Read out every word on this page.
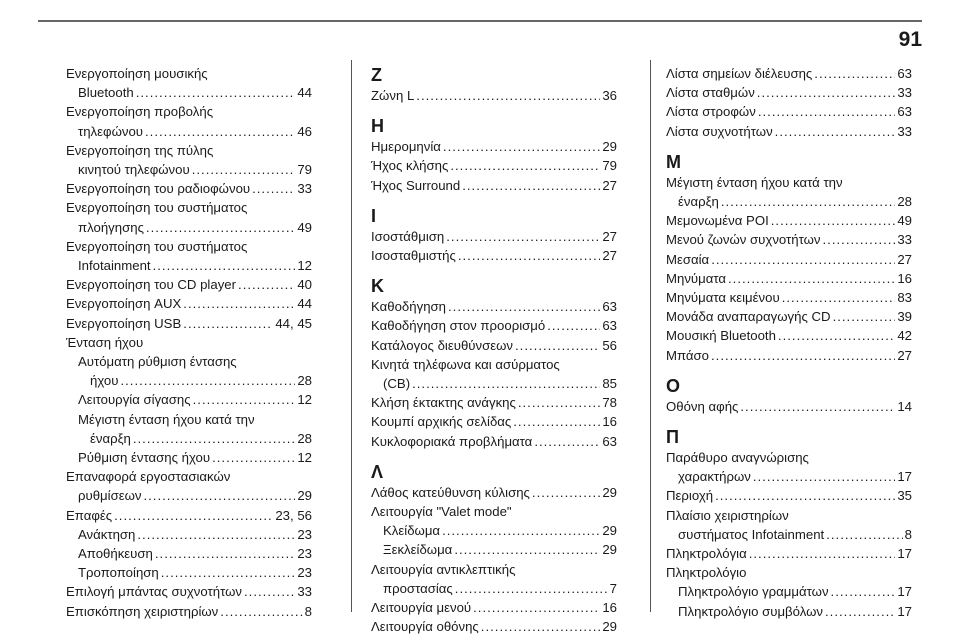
91
Ενεργοποίηση μουσικής
Bluetooth .....	44
Ενεργοποίηση προβολής
τηλεφώνου .....	46
Ενεργοποίηση της πύλης
κινητού τηλεφώνου .....	79
Ενεργοποίηση του ραδιοφώνου .....	33
Ενεργοποίηση του συστήματος
πλοήγησης .....	49
Ενεργοποίηση του συστήματος
Infotainment .....	12
Ενεργοποίηση του CD player .....	40
Ενεργοποίηση AUX .....	44
Ενεργοποίηση USB .....	44, 45
Ένταση ήχου
Αυτόματη ρύθμιση έντασης
ήχου .....	28
Λειτουργία σίγασης .....	12
Μέγιστη ένταση ήχου κατά την
έναρξη .....	28
Ρύθμιση έντασης ήχου .....	12
Επαναφορά εργοστασιακών
ρυθμίσεων .....	29
Επαφές .....	23, 56
Ανάκτηση .....	23
Αποθήκευση .....	23
Τροποποίηση .....	23
Επιλογή μπάντας συχνοτήτων .....	33
Επισκόπηση χειριστηρίων .....	8
Ζ
Ζώνη L .....	36
Η
Ημερομηνία .....	29
Ήχος κλήσης .....	79
Ήχος Surround .....	27
Ι
Ισοστάθμιση .....	27
Ισοσταθμιστής .....	27
Κ
Καθοδήγηση .....	63
Καθοδήγηση στον προορισμό .....	63
Κατάλογος διευθύνσεων .....	56
Κινητά τηλέφωνα και ασύρματος
(CB) .....	85
Κλήση έκτακτης ανάγκης .....	78
Κουμπί αρχικής σελίδας .....	16
Κυκλοφοριακά προβλήματα .....	63
Λ
Λάθος κατεύθυνση κύλισης .....	29
Λειτουργία "Valet mode"
Κλείδωμα .....	29
Ξεκλείδωμα .....	29
Λειτουργία αντικλεπτικής
προστασίας .....	7
Λειτουργία μενού .....	16
Λειτουργία οθόνης .....	29
Λίστα σημείων διέλευσης .....	63
Λίστα σταθμών .....	33
Λίστα στροφών .....	63
Λίστα συχνοτήτων .....	33
Μ
Μέγιστη ένταση ήχου κατά την
έναρξη .....	28
Μεμονωμένα POI .....	49
Μενού ζωνών συχνοτήτων .....	33
Μεσαία .....	27
Μηνύματα .....	16
Μηνύματα κειμένου .....	83
Μονάδα αναπαραγωγής CD .....	39
Μουσική Bluetooth .....	42
Μπάσο .....	27
Ο
Οθόνη αφής .....	14
Π
Παράθυρο αναγνώρισης
χαρακτήρων .....	17
Περιοχή .....	35
Πλαίσιο χειριστηρίων
συστήματος Infotainment .....	8
Πληκτρολόγια .....	17
Πληκτρολόγιο
Πληκτρολόγιο γραμμάτων .....	17
Πληκτρολόγιο συμβόλων .....	17
